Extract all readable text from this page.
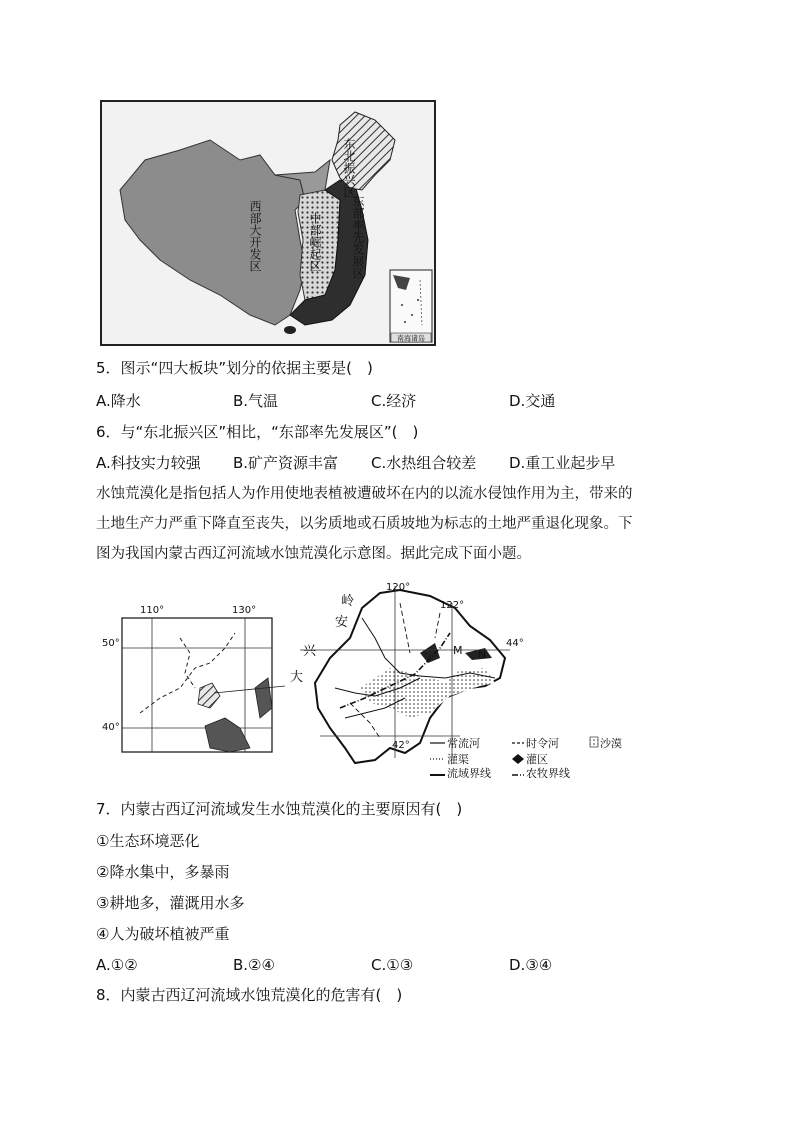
南海诸岛
东北振兴区
东部率先发展区
中部崛起区
西部大开发区
5．图示“四大板块”划分的依据主要是(　)
A.降水	B.气温	C.经济	D.交通
6．与“东北振兴区”相比，“东部率先发展区”(　)
A.科技实力较强 B.矿产资源丰富 C.水热组合较差 D.重工业起步早
水蚀荒漠化是指包括人为作用使地表植被遭破坏在内的以流水侵蚀作用为主，带来的
土地生产力严重下降直至丧失，以劣质地或石质坡地为标志的土地严重退化现象。下
图为我国内蒙古西辽河流域水蚀荒漠化示意图。据此完成下面小题。
110°	130°
50°
40°
120°
122°
44°
42°
大
兴
安
岭
M N
常流河	时令河	沙漠
灌渠	灌区
流域界线	农牧界线
7．内蒙古西辽河流域发生水蚀荒漠化的主要原因有(　)
①生态环境恶化
②降水集中，多暴雨
③耕地多，灌溉用水多
④人为破坏植被严重
A.①②	B.②④	C.①③	D.③④
8．内蒙古西辽河流域水蚀荒漠化的危害有(　)
